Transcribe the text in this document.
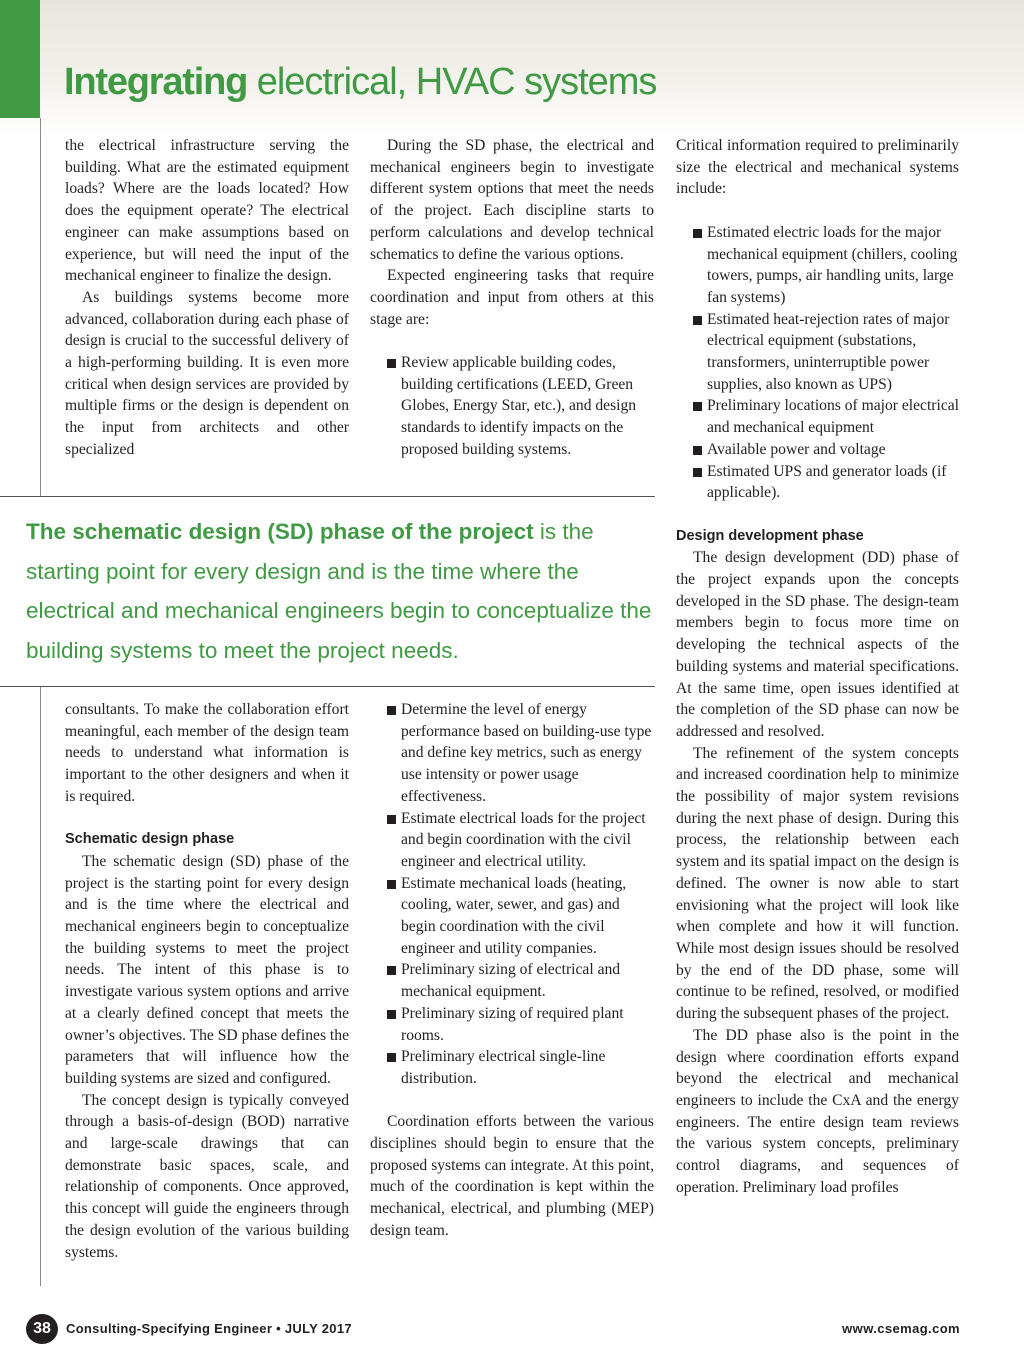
Integrating electrical, HVAC systems

the electrical infrastructure serving the building. What are the estimated equipment loads? Where are the loads located? How does the equipment operate? The electrical engineer can make assumptions based on experience, but will need the input of the mechanical engineer to finalize the design.

As buildings systems become more advanced, collaboration during each phase of design is crucial to the successful delivery of a high-performing building. It is even more critical when design services are provided by multiple firms or the design is dependent on the input from architects and other specialized

During the SD phase, the electrical and mechanical engineers begin to investigate different system options that meet the needs of the project. Each discipline starts to perform calculations and develop technical schematics to define the various options.

Expected engineering tasks that require coordination and input from others at this stage are:

Review applicable building codes, building certifications (LEED, Green Globes, Energy Star, etc.), and design standards to identify impacts on the proposed building systems.

The schematic design (SD) phase of the project is the starting point for every design and is the time where the electrical and mechanical engineers begin to conceptualize the building systems to meet the project needs.

consultants. To make the collaboration effort meaningful, each member of the design team needs to understand what information is important to the other designers and when it is required.

Schematic design phase

The schematic design (SD) phase of the project is the starting point for every design and is the time where the electrical and mechanical engineers begin to conceptualize the building systems to meet the project needs. The intent of this phase is to investigate various system options and arrive at a clearly defined concept that meets the owner’s objectives. The SD phase defines the parameters that will influence how the building systems are sized and configured.

The concept design is typically conveyed through a basis-of-design (BOD) narrative and large-scale drawings that can demonstrate basic spaces, scale, and relationship of components. Once approved, this concept will guide the engineers through the design evolution of the various building systems.

Determine the level of energy performance based on building-use type and define key metrics, such as energy use intensity or power usage effectiveness.

Estimate electrical loads for the project and begin coordination with the civil engineer and electrical utility.

Estimate mechanical loads (heating, cooling, water, sewer, and gas) and begin coordination with the civil engineer and utility companies.

Preliminary sizing of electrical and mechanical equipment.

Preliminary sizing of required plant rooms.

Preliminary electrical single-line distribution.

Coordination efforts between the various disciplines should begin to ensure that the proposed systems can integrate. At this point, much of the coordination is kept within the mechanical, electrical, and plumbing (MEP) design team.

Critical information required to preliminarily size the electrical and mechanical systems include:

Estimated electric loads for the major mechanical equipment (chillers, cooling towers, pumps, air handling units, large fan systems)

Estimated heat-rejection rates of major electrical equipment (substations, transformers, uninterruptible power supplies, also known as UPS)

Preliminary locations of major electrical and mechanical equipment

Available power and voltage

Estimated UPS and generator loads (if applicable).

Design development phase

The design development (DD) phase of the project expands upon the concepts developed in the SD phase. The design-team members begin to focus more time on developing the technical aspects of the building systems and material specifications. At the same time, open issues identified at the completion of the SD phase can now be addressed and resolved.

The refinement of the system concepts and increased coordination help to minimize the possibility of major system revisions during the next phase of design. During this process, the relationship between each system and its spatial impact on the design is defined. The owner is now able to start envisioning what the project will look like when complete and how it will function. While most design issues should be resolved by the end of the DD phase, some will continue to be refined, resolved, or modified during the subsequent phases of the project.

The DD phase also is the point in the design where coordination efforts expand beyond the electrical and mechanical engineers to include the CxA and the energy engineers. The entire design team reviews the various system concepts, preliminary control diagrams, and sequences of operation. Preliminary load profiles

38	Consulting-Specifying Engineer • JULY 2017	www.csemag.com
